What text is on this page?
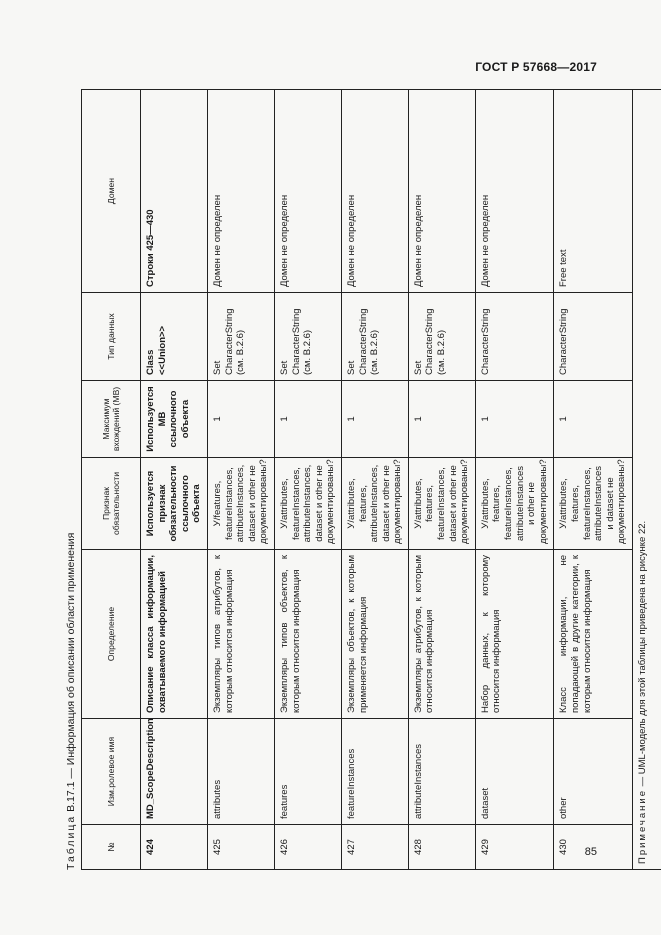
ГОСТ Р 57668—2017
85
Таблица B.17.1 — Информация об описании области применения
№	Изм.ролевое имя	Определение	Признак обязательности	Максимум вхождений (MB)	Тип данных	Домен
424	MD_ScopeDescription	Описание класса информации, охватываемого информацией	Используется признак обязательности ссылочного объекта	Используется MB ссылочного объекта	Class <<Union>>	Строки 425—430
425	attributes	Экземпляры типов атрибутов, к которым относится информация	У/features, featureInstances, attributeInstances, dataset и other не документированы?	1	Set CharacterString (см. B.2.6)	Домен не определен
426	features	Экземпляры типов объектов, к которым относится информация	У/attributes, featureInstances, attributeInstances, dataset и other не документированы?	1	Set CharacterString (см. B.2.6)	Домен не определен
427	featureInstances	Экземпляры объектов, к которым применяется информация	У/attributes, features, attributeInstances, dataset и other не документированы?	1	Set CharacterString (см. B.2.6)	Домен не определен
428	attributeInstances	Экземпляры атрибутов, к которым относится информация	У/attributes, features, featureInstances, dataset и other не документированы?	1	Set CharacterString (см. B.2.6)	Домен не определен
429	dataset	Набор данных, к которому относится информация	У/attributes, features, featureInstances, attributeInstances и other не документированы?	1	CharacterString	Домен не определен
430	other	Класс информации, не попадающей в другие категории, к которым относится информация	У/attributes, features, featureInstances, attributeInstances и dataset не документированы?	1	CharacterString	Free text
Примечание — UML-модель для этой таблицы приведена на рисунке 22.						
